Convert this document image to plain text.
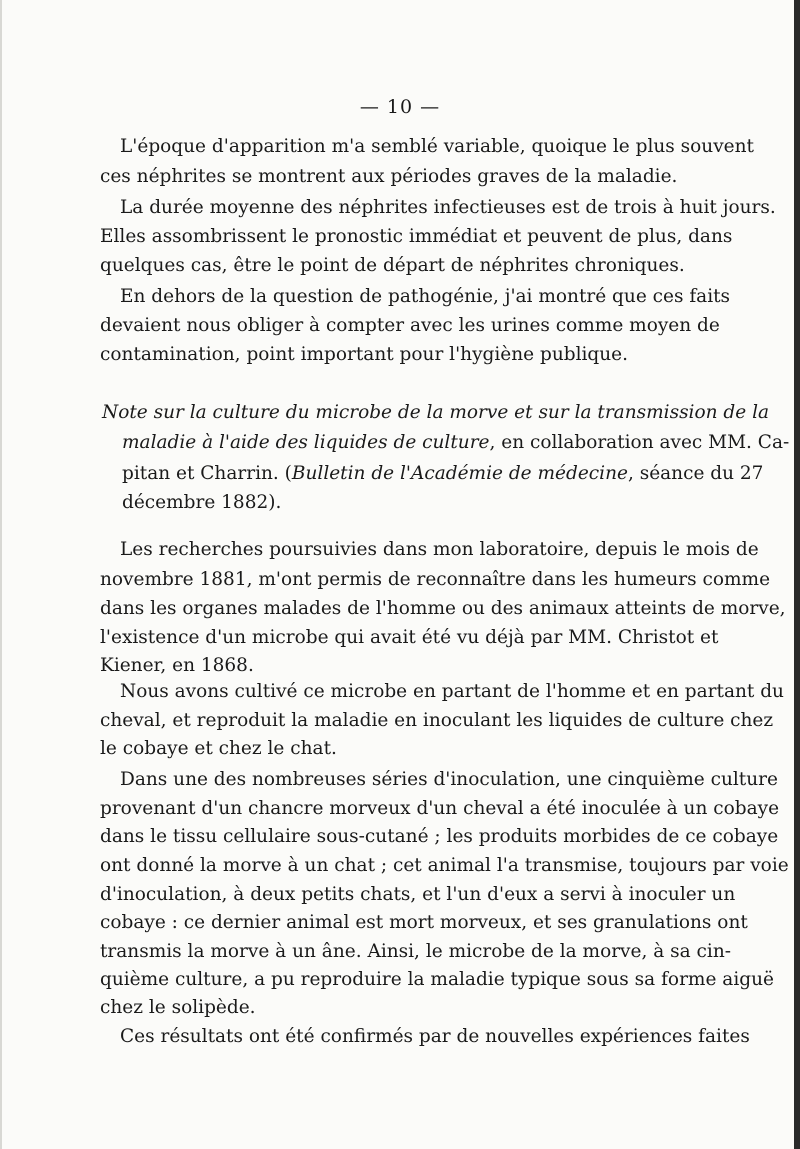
— 10 —
L'époque d'apparition m'a semblé variable, quoique le plus souvent
ces néphrites se montrent aux périodes graves de la maladie.
La durée moyenne des néphrites infectieuses est de trois à huit jours.
Elles assombrissent le pronostic immédiat et peuvent de plus, dans
quelques cas, être le point de départ de néphrites chroniques.
En dehors de la question de pathogénie, j'ai montré que ces faits
devaient nous obliger à compter avec les urines comme moyen de
contamination, point important pour l'hygiène publique.
Note sur la culture du microbe de la morve et sur la transmission de la
maladie à l'aide des liquides de culture, en collaboration avec MM. Ca-
pitan et Charrin. (Bulletin de l'Académie de médecine, séance du 27
décembre 1882).
Les recherches poursuivies dans mon laboratoire, depuis le mois de
novembre 1881, m'ont permis de reconnaître dans les humeurs comme
dans les organes malades de l'homme ou des animaux atteints de morve,
l'existence d'un microbe qui avait été vu déjà par MM. Christot et
Kiener, en 1868.
Nous avons cultivé ce microbe en partant de l'homme et en partant du
cheval, et reproduit la maladie en inoculant les liquides de culture chez
le cobaye et chez le chat.
Dans une des nombreuses séries d'inoculation, une cinquième culture
provenant d'un chancre morveux d'un cheval a été inoculée à un cobaye
dans le tissu cellulaire sous-cutané ; les produits morbides de ce cobaye
ont donné la morve à un chat ; cet animal l'a transmise, toujours par voie
d'inoculation, à deux petits chats, et l'un d'eux a servi à inoculer un
cobaye : ce dernier animal est mort morveux, et ses granulations ont
transmis la morve à un âne. Ainsi, le microbe de la morve, à sa cin-
quième culture, a pu reproduire la maladie typique sous sa forme aiguë
chez le solipède.
Ces résultats ont été confirmés par de nouvelles expériences faites
